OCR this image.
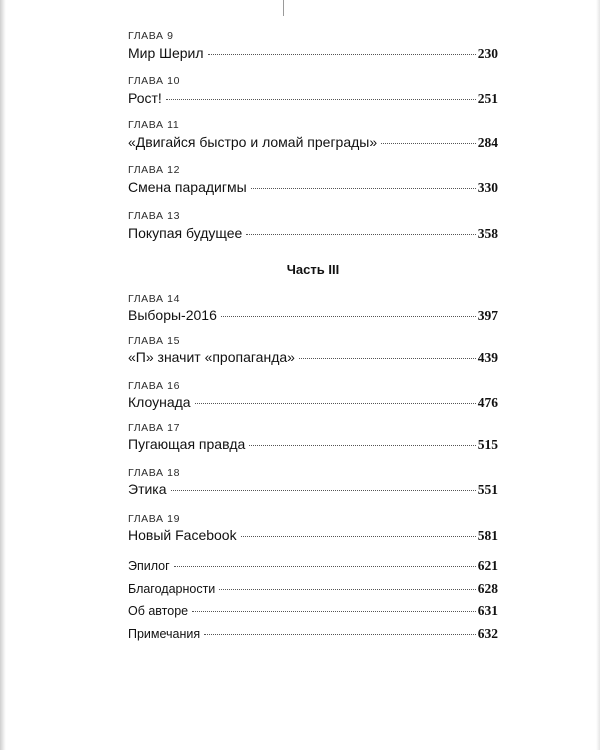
ГЛАВА 9
Мир Шерил	230
ГЛАВА 10
Рост!	251
ГЛАВА 11
«Двигайся быстро и ломай преграды»	284
ГЛАВА 12
Смена парадигмы	330
ГЛАВА 13
Покупая будущее	358
Часть III
ГЛАВА 14
Выборы-2016	397
ГЛАВА 15
«П» значит «пропаганда»	439
ГЛАВА 16
Клоунада	476
ГЛАВА 17
Пугающая правда	515
ГЛАВА 18
Этика	551
ГЛАВА 19
Новый Facebook	581
Эпилог	621
Благодарности	628
Об авторе	631
Примечания	632
